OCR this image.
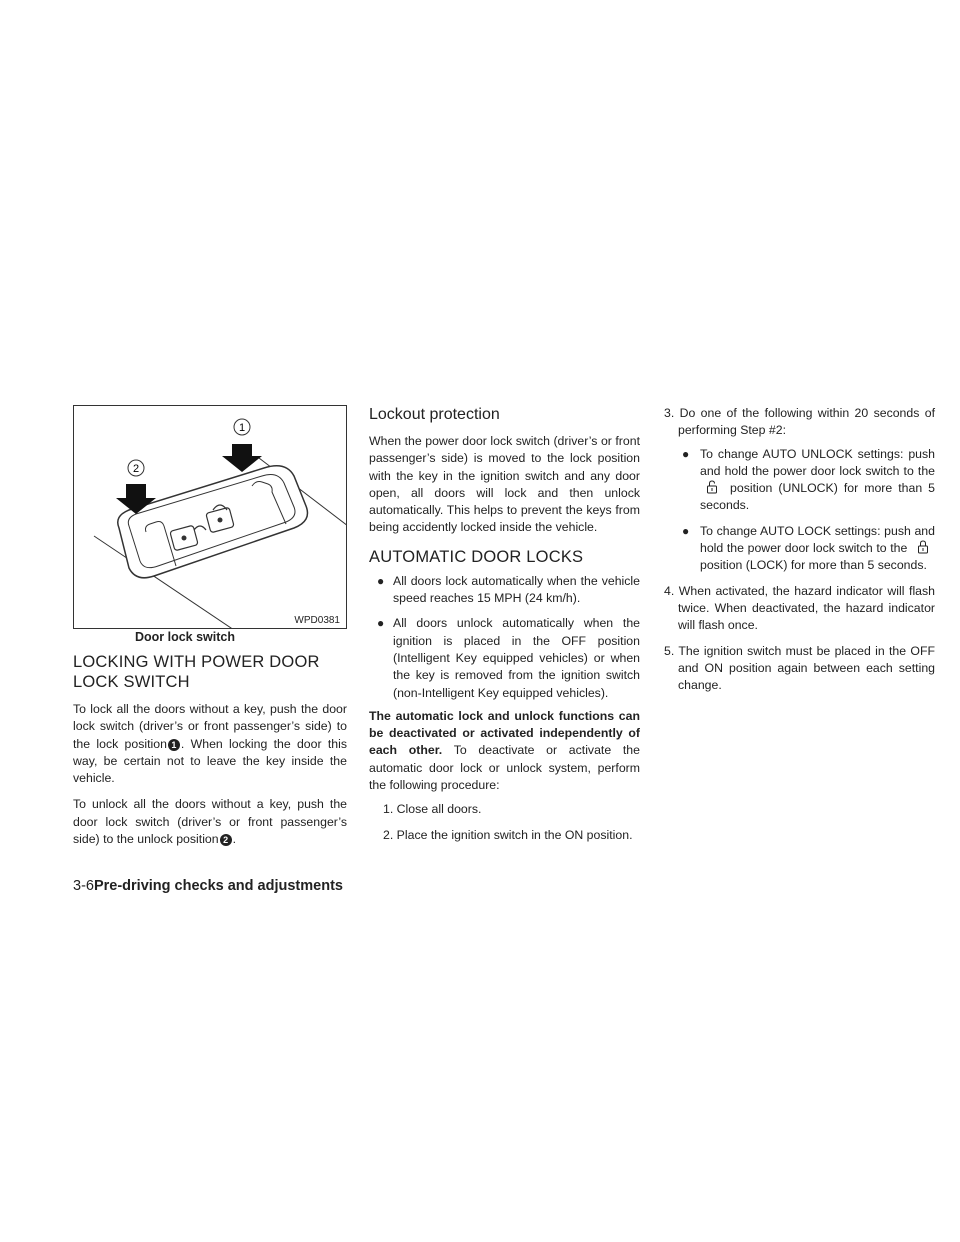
1
2
WPD0381
Door lock switch
LOCKING WITH POWER DOOR
LOCK SWITCH

To lock all the doors without a key, push the door lock switch (driver’s or front passenger’s side) to the lock position 1 . When locking the door this way, be certain not to leave the key inside the vehicle.

To unlock all the doors without a key, push the door lock switch (driver’s or front passenger’s side) to the unlock position 2 .

Lockout protection

When the power door lock switch (driver’s or front passenger’s side) is moved to the lock position with the key in the ignition switch and any door open, all doors will lock and then unlock automatically. This helps to prevent the keys from being accidently locked inside the vehicle.

AUTOMATIC DOOR LOCKS
● All doors lock automatically when the vehicle speed reaches 15 MPH (24 km/h).
● All doors unlock automatically when the ignition is placed in the OFF position (Intelligent Key equipped vehicles) or when the key is removed from the ignition switch (non-Intelligent Key equipped vehicles).

The automatic lock and unlock functions can be deactivated or activated independently of each other. To deactivate or activate the automatic door lock or unlock system, perform the following procedure:

1. Close all doors.
2. Place the ignition switch in the ON position.

3. Do one of the following within 20 seconds of performing Step #2:

● To change AUTO UNLOCK settings: push and hold the power door lock switch to the  position (UNLOCK) for more than 5 seconds.
● To change AUTO LOCK settings: push and hold the power door lock switch to the  position (LOCK) for more than 5 seconds.

4. When activated, the hazard indicator will flash twice. When deactivated, the hazard indicator will flash once.

5. The ignition switch must be placed in the OFF and ON position again between each setting change.

3-6Pre-driving checks and adjustments
